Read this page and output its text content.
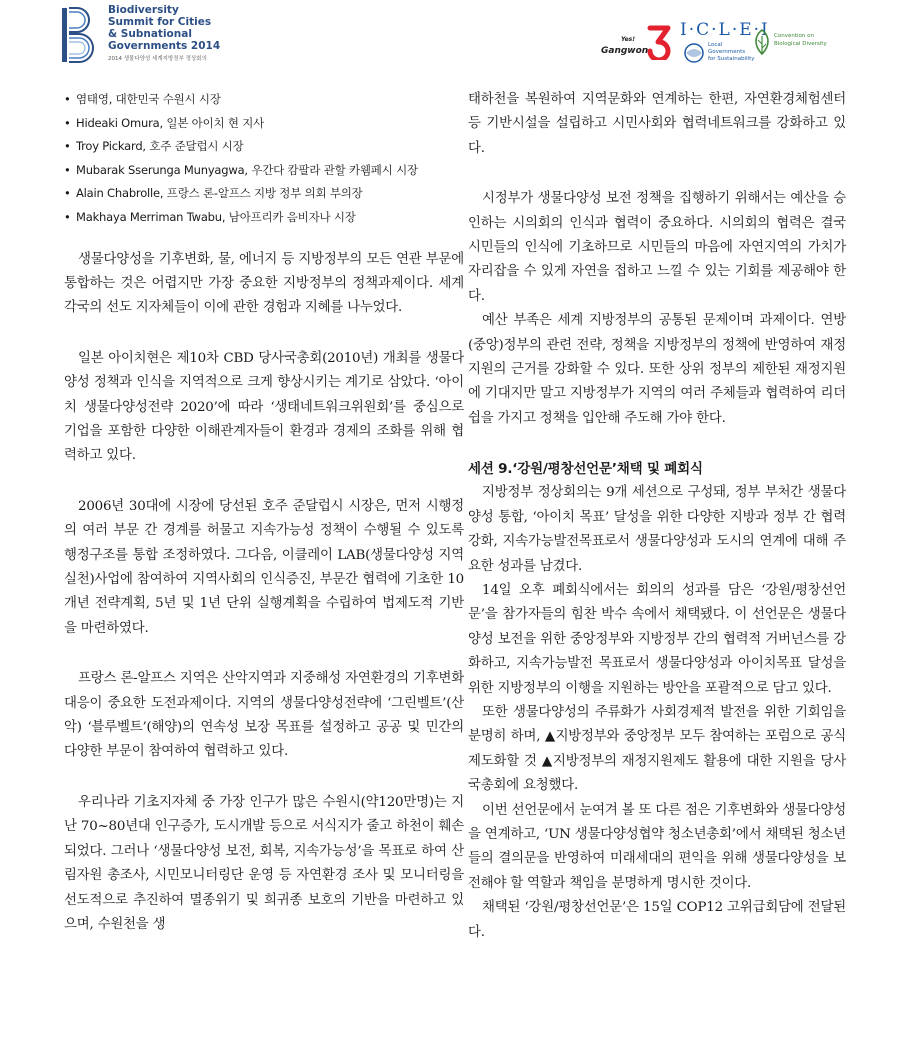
Biodiversity
Summit for Cities
& Subnational
Governments 2014
2014 생물다양성 세계지방정부 정상회의
Yes!
Gangwon
I·C·L·E·I
Local
Governments
for Sustainability
Convention on
Biological Diversity
• 염태영, 대한민국 수원시 시장
• Hideaki Omura, 일본 아이치 현 지사
• Troy Pickard, 호주 준달럽시 시장
• Mubarak Sserunga Munyagwa, 우간다 캄팔라 관할 카웸페시 시장
• Alain Chabrolle, 프랑스 론-알프스 지방 정부 의회 부의장
• Makhaya Merriman Twabu, 남아프리카 음비자나 시장

생물다양성을 기후변화, 물, 에너지 등 지방정부의 모든 연관 부문에 통합하는 것은 어렵지만 가장 중요한 지방정부의 정책과제이다. 세계 각국의 선도 지자체들이 이에 관한 경험과 지혜를 나누었다.

일본 아이치현은 제10차 CBD 당사국총회(2010년) 개최를 생물다양성 정책과 인식을 지역적으로 크게 향상시키는 계기로 삼았다. ‘아이치 생물다양성전략 2020’에 따라 ‘생태네트워크위원회’를 중심으로 기업을 포함한 다양한 이해관계자들이 환경과 경제의 조화를 위해 협력하고 있다.

2006년 30대에 시장에 당선된 호주 준달럽시 시장은, 먼저 시행정의 여러 부문 간 경계를 허물고 지속가능성 정책이 수행될 수 있도록 행정구조를 통합 조정하였다. 그다음, 이클레이 LAB(생물다양성 지역실천)사업에 참여하여 지역사회의 인식증진, 부문간 협력에 기초한 10개년 전략계획, 5년 및 1년 단위 실행계획을 수립하여 법제도적 기반을 마련하였다.

프랑스 론-알프스 지역은 산악지역과 지중해성 자연환경의 기후변화 대응이 중요한 도전과제이다. 지역의 생물다양성전략에 ‘그린벨트’(산악) ‘블루벨트’(해양)의 연속성 보장 목표를 설정하고 공공 및 민간의 다양한 부문이 참여하여 협력하고 있다.

우리나라 기초지자체 중 가장 인구가 많은 수원시(약120만명)는 지난 70~80년대 인구증가, 도시개발 등으로 서식지가 줄고 하천이 훼손되었다. 그러나 ‘생물다양성 보전, 회복, 지속가능성’을 목표로 하여 산림자원 총조사, 시민모니터링단 운영 등 자연환경 조사 및 모니터링을 선도적으로 추진하여 멸종위기 및 희귀종 보호의 기반을 마련하고 있으며, 수원천을 생

태하천을 복원하여 지역문화와 연계하는 한편, 자연환경체험센터 등 기반시설을 설립하고 시민사회와 협력네트워크를 강화하고 있다.

시정부가 생물다양성 보전 정책을 집행하기 위해서는 예산을 승인하는 시의회의 인식과 협력이 중요하다. 시의회의 협력은 결국 시민들의 인식에 기초하므로 시민들의 마음에 자연지역의 가치가 자리잡을 수 있게 자연을 접하고 느낄 수 있는 기회를 제공해야 한다.

예산 부족은 세계 지방정부의 공통된 문제이며 과제이다. 연방(중앙)정부의 관련 전략, 정책을 지방정부의 정책에 반영하여 재정지원의 근거를 강화할 수 있다. 또한 상위 정부의 제한된 재정지원에 기대지만 말고 지방정부가 지역의 여러 주체들과 협력하여 리더쉽을 가지고 정책을 입안해 주도해 가야 한다.

세션 9.‘강원/평창선언문’채택 및 폐회식

지방정부 정상회의는 9개 세션으로 구성돼, 정부 부처간 생물다양성 통합, ‘아이치 목표’ 달성을 위한 다양한 지방과 정부 간 협력 강화, 지속가능발전목표로서 생물다양성과 도시의 연계에 대해 주요한 성과를 남겼다.

14일 오후 폐회식에서는 회의의 성과를 담은 ‘강원/평창선언문’을 참가자들의 힘찬 박수 속에서 채택됐다. 이 선언문은 생물다양성 보전을 위한 중앙정부와 지방정부 간의 협력적 거버넌스를 강화하고, 지속가능발전 목표로서 생물다양성과 아이치목표 달성을 위한 지방정부의 이행을 지원하는 방안을 포괄적으로 담고 있다.

또한 생물다양성의 주류화가 사회경제적 발전을 위한 기회임을 분명히 하며, ▲지방정부와 중앙정부 모두 참여하는 포럼으로 공식 제도화할 것 ▲지방정부의 재정지원제도 활용에 대한 지원을 당사국총회에 요청했다.

이번 선언문에서 눈여겨 볼 또 다른 점은 기후변화와 생물다양성을 연계하고, ‘UN 생물다양성협약 청소년총회’에서 채택된 청소년들의 결의문을 반영하여 미래세대의 편익을 위해 생물다양성을 보전해야 할 역할과 책임을 분명하게 명시한 것이다.

채택된 ‘강원/평창선언문’은 15일 COP12 고위급회담에 전달된다.
